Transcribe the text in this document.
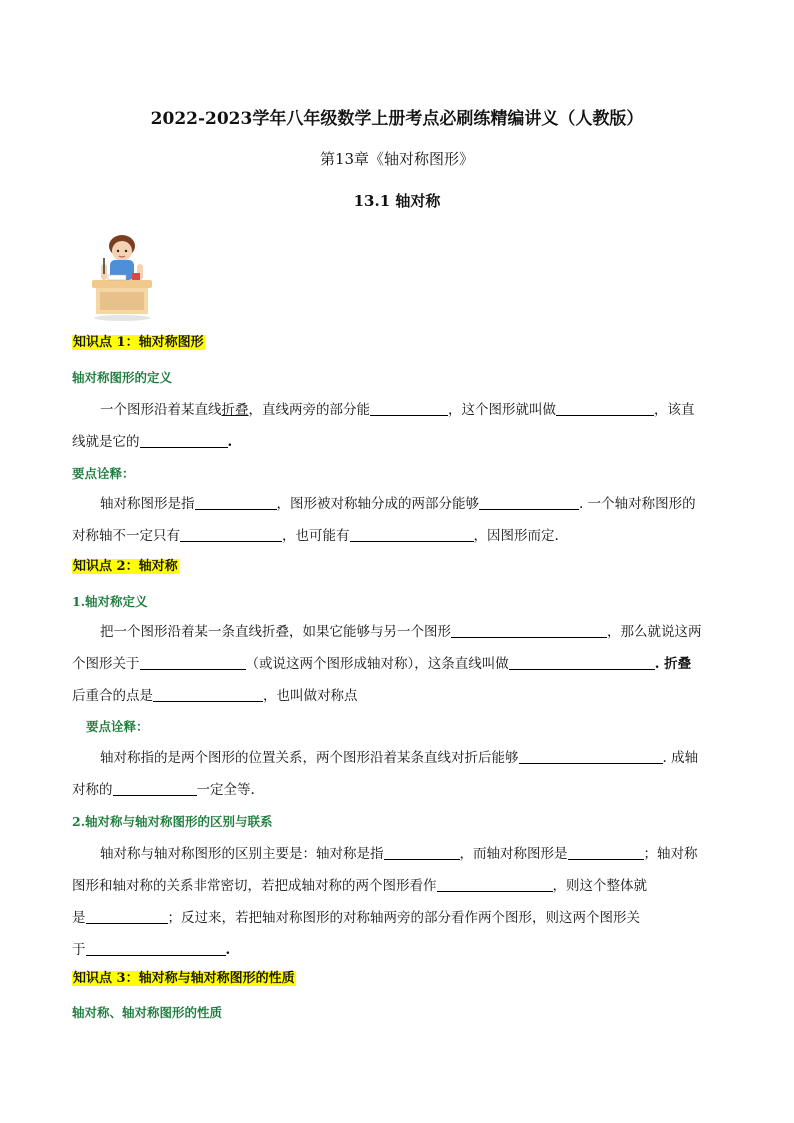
2022-2023学年八年级数学上册考点必刷练精编讲义（人教版）
第13章《轴对称图形》
13.1 轴对称
知识点 1：轴对称图形
轴对称图形的定义
一个图形沿着某直线折叠，直线两旁的部分能	，这个图形就叫做	，该直
线就是它的	.
要点诠释：
轴对称图形是指	，图形被对称轴分成的两部分能够	. 一个轴对称图形的
对称轴不一定只有	，也可能有	，因图形而定.
知识点 2：轴对称
1.轴对称定义
把一个图形沿着某一条直线折叠，如果它能够与另一个图形	，那么就说这两
个图形关于	（或说这两个图形成轴对称），这条直线叫做	. 折叠
后重合的点是	，也叫做对称点
要点诠释：
轴对称指的是两个图形的位置关系，两个图形沿着某条直线对折后能够	. 成轴
对称的	一定全等.
2.轴对称与轴对称图形的区别与联系
轴对称与轴对称图形的区别主要是：轴对称是指	，而轴对称图形是	；轴对称
图形和轴对称的关系非常密切，若把成轴对称的两个图形看作	，则这个整体就
是	；反过来，若把轴对称图形的对称轴两旁的部分看作两个图形，则这两个图形关
于	.
知识点 3：轴对称与轴对称图形的性质
轴对称、轴对称图形的性质
